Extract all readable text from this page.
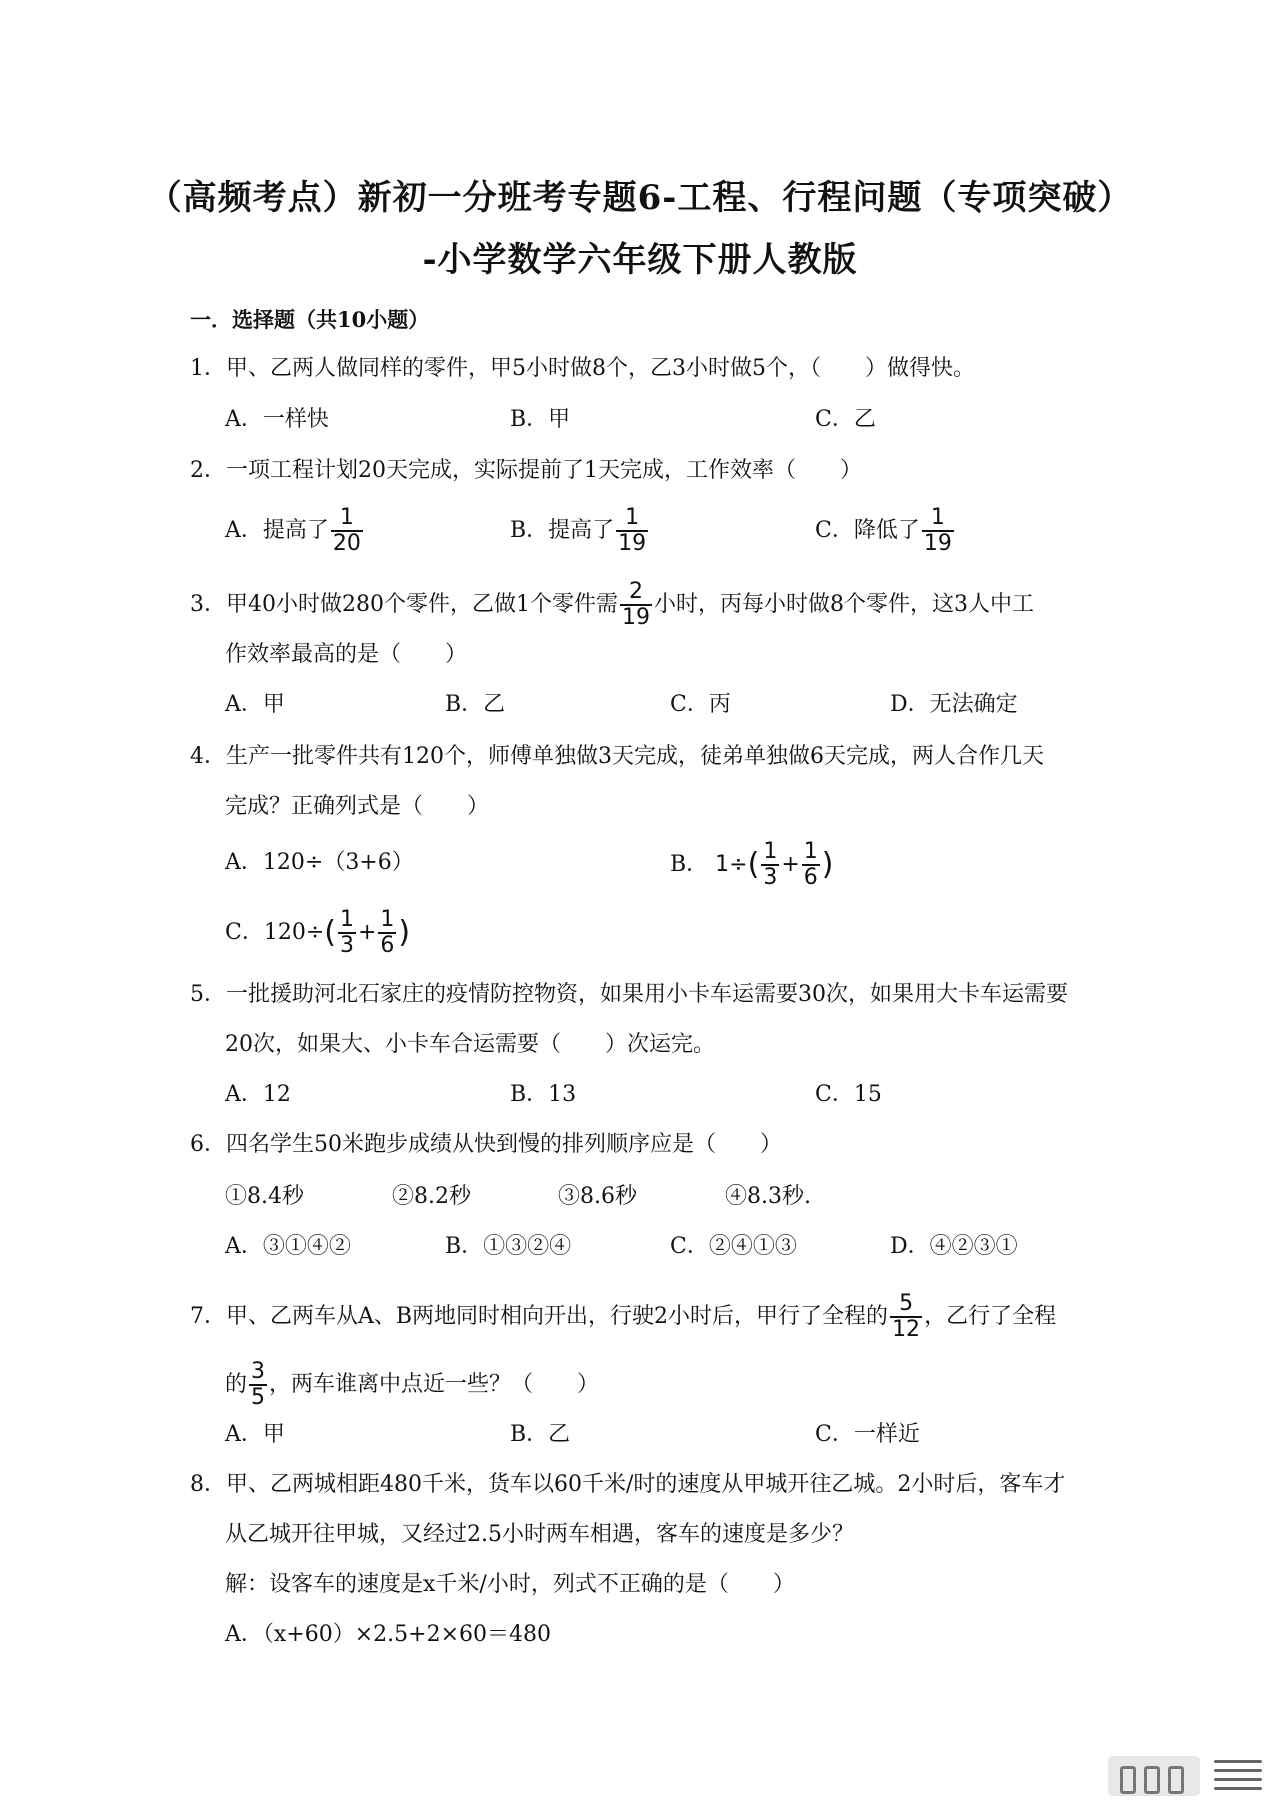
（高频考点）新初一分班考专题6-工程、行程问题（专项突破）
-小学数学六年级下册人教版
一．选择题（共10小题）
1．甲、乙两人做同样的零件，甲5小时做8个，乙3小时做5个，（　　）做得快。
A．一样快	B．甲	C．乙
2．一项工程计划20天完成，实际提前了1天完成，工作效率（　　）
A．提高了 $\frac{1}{20}$	B．提高了 $\frac{1}{19}$	C．降低了 $\frac{1}{19}$
3．甲40小时做280个零件，乙做1个零件需 $\frac{2}{19}$ 小时，丙每小时做8个零件，这3人中工
作效率最高的是（　　）
A．甲	B．乙	C．丙	D．无法确定
4．生产一批零件共有120个，师傅单独做3天完成，徒弟单独做6天完成，两人合作几天
完成？正确列式是（　　）
A．120÷（3+6）	B． $1\div( \frac{1}{3} + \frac{1}{6}$ )
C．$120\div( \frac{1}{3} + \frac{1}{6}$ )
5．一批援助河北石家庄的疫情防控物资，如果用小卡车运需要30次，如果用大卡车运需要
20次，如果大、小卡车合运需要（　　）次运完。
A．12	B．13	C．15
6．四名学生50米跑步成绩从快到慢的排列顺序应是（　　）
①8.4秒	②8.2秒	③8.6秒	④8.3秒.
A．③①④②	B．①③②④	C．②④①③	D．④②③①
7．甲、乙两车从A、B两地同时相向开出，行驶2小时后，甲行了全程的 $\frac{5}{12}$ ，乙行了全程
的 $\frac{3}{5}$ ，两车谁离中点近一些？（　　）
A．甲	B．乙	C．一样近
8．甲、乙两城相距480千米，货车以60千米/时的速度从甲城开往乙城。2小时后，客车才
从乙城开往甲城，又经过2.5小时两车相遇，客车的速度是多少？
解：设客车的速度是x千米/小时，列式不正确的是（　　）
A．（x+60）×2.5+2×60＝480
